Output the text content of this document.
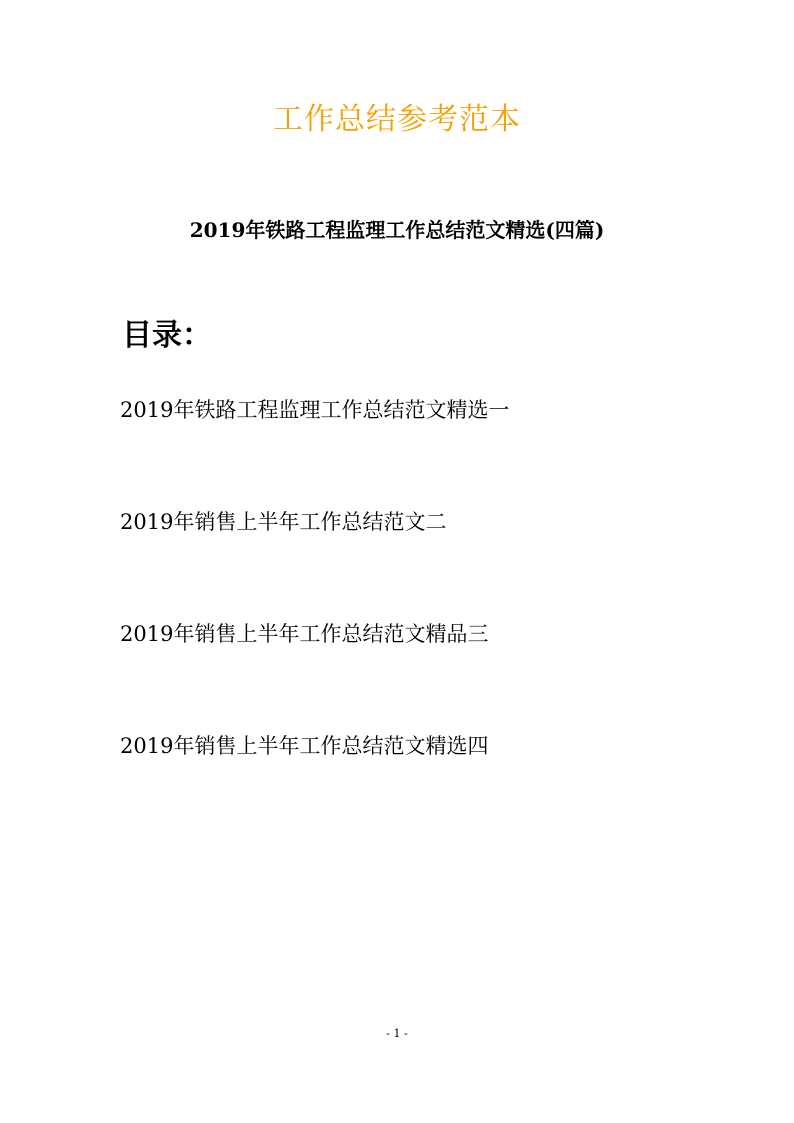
工作总结参考范本
2019年铁路工程监理工作总结范文精选(四篇)
目录：
2019年铁路工程监理工作总结范文精选一
2019年销售上半年工作总结范文二
2019年销售上半年工作总结范文精品三
2019年销售上半年工作总结范文精选四
- 1 -
